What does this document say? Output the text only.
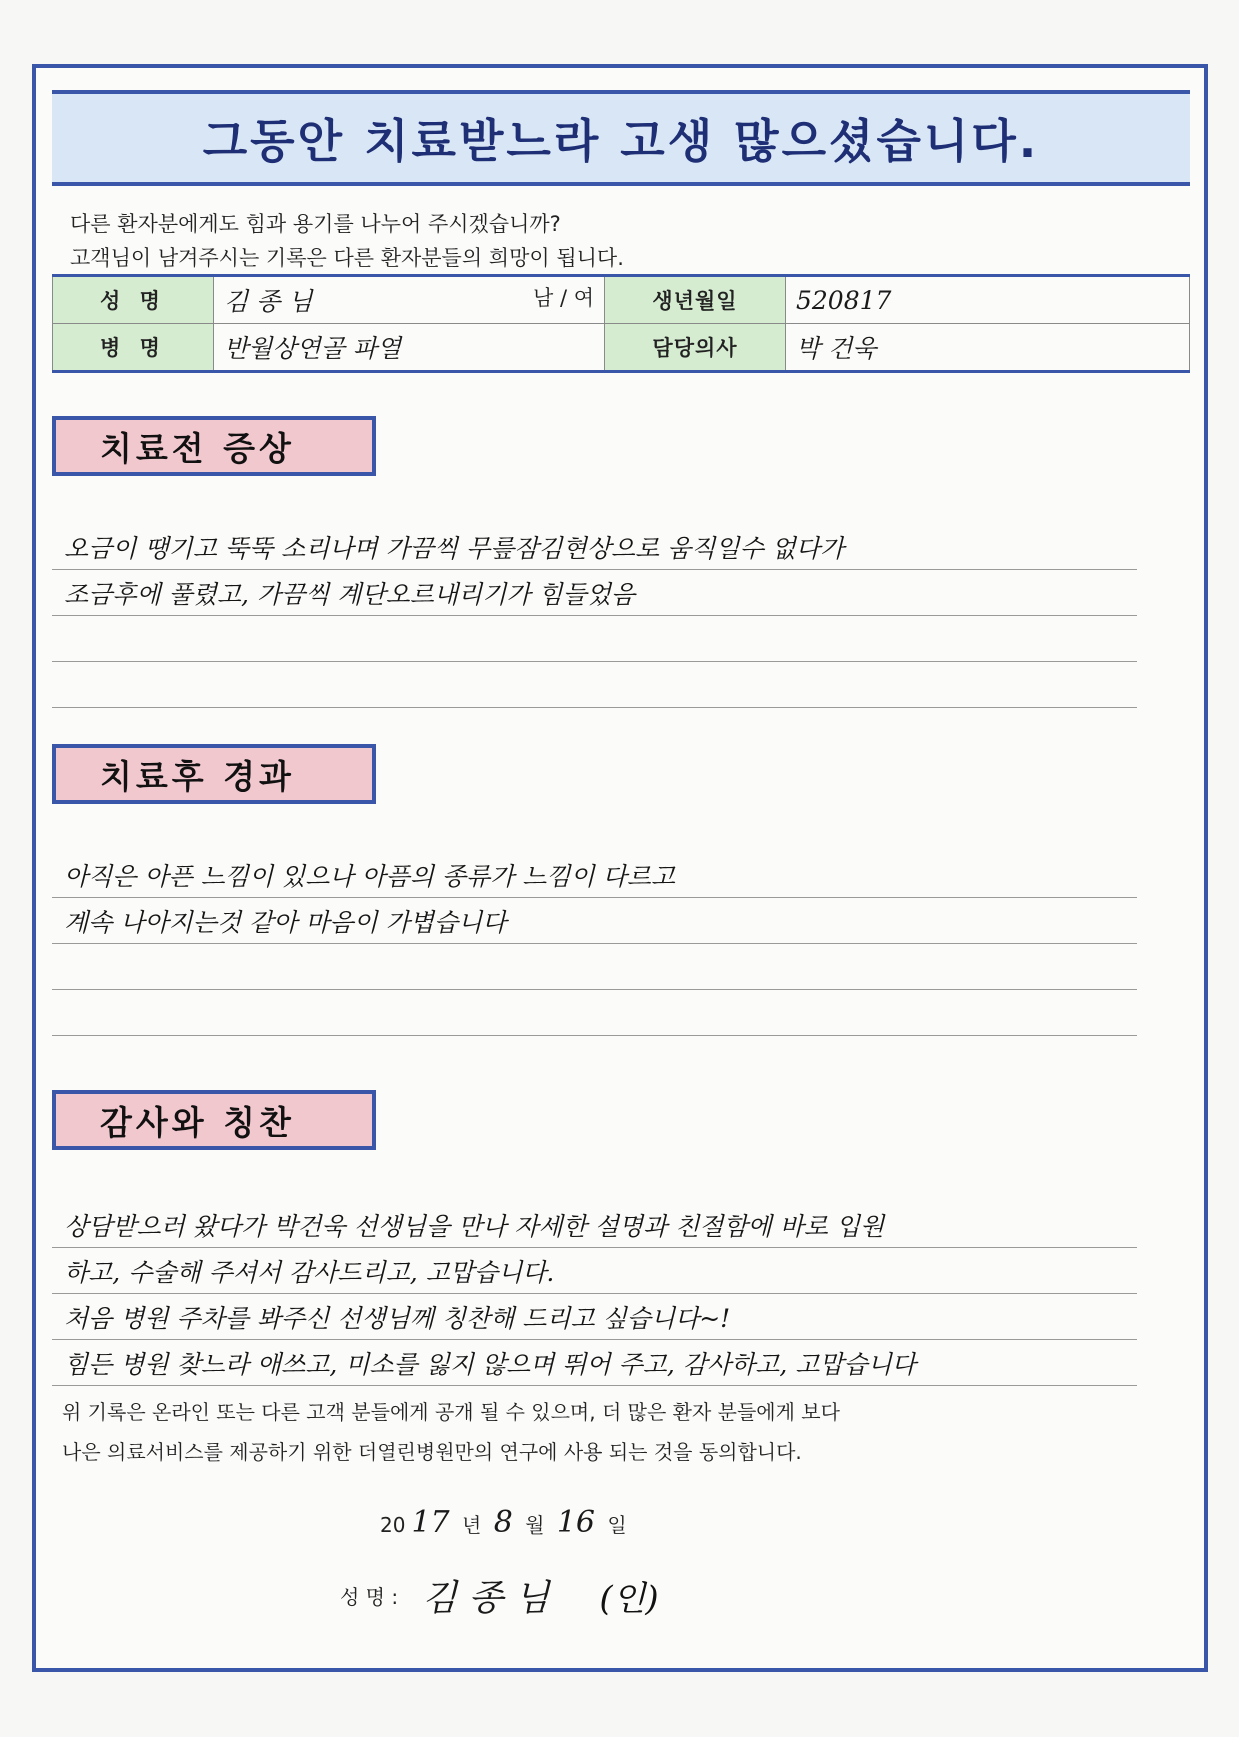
그동안 치료받느라 고생 많으셨습니다.
다른 환자분에게도 힘과 용기를 나누어 주시겠습니까?
고객님이 남겨주시는 기록은 다른 환자분들의 희망이 됩니다.
성 명	김 종 님 남 / 여	생년월일	520817
병 명	반월상연골 파열	담당의사	박 건욱
치료전 증상
오금이 땡기고 뚝뚝 소리나며 가끔씩 무릎잠김현상으로 움직일수 없다가
조금후에 풀렸고, 가끔씩 계단오르내리기가 힘들었음
치료후 경과
아직은 아픈 느낌이 있으나 아픔의 종류가 느낌이 다르고
계속 나아지는것 같아 마음이 가볍습니다
감사와 칭찬
상담받으러 왔다가 박건욱 선생님을 만나 자세한 설명과 친절함에 바로 입원
하고, 수술해 주셔서 감사드리고, 고맙습니다.
처음 병원 주차를 봐주신 선생님께 칭찬해 드리고 싶습니다~!
힘든 병원 찾느라 애쓰고, 미소를 잃지 않으며 뛰어 주고, 감사하고, 고맙습니다
위 기록은 온라인 또는 다른 고객 분들에게 공개 될 수 있으며, 더 많은 환자 분들에게 보다
나은 의료서비스를 제공하기 위한 더열린병원만의 연구에 사용 되는 것을 동의합니다.
20 17 년 8 월 16 일
성 명 : 김 종 님 (인)
